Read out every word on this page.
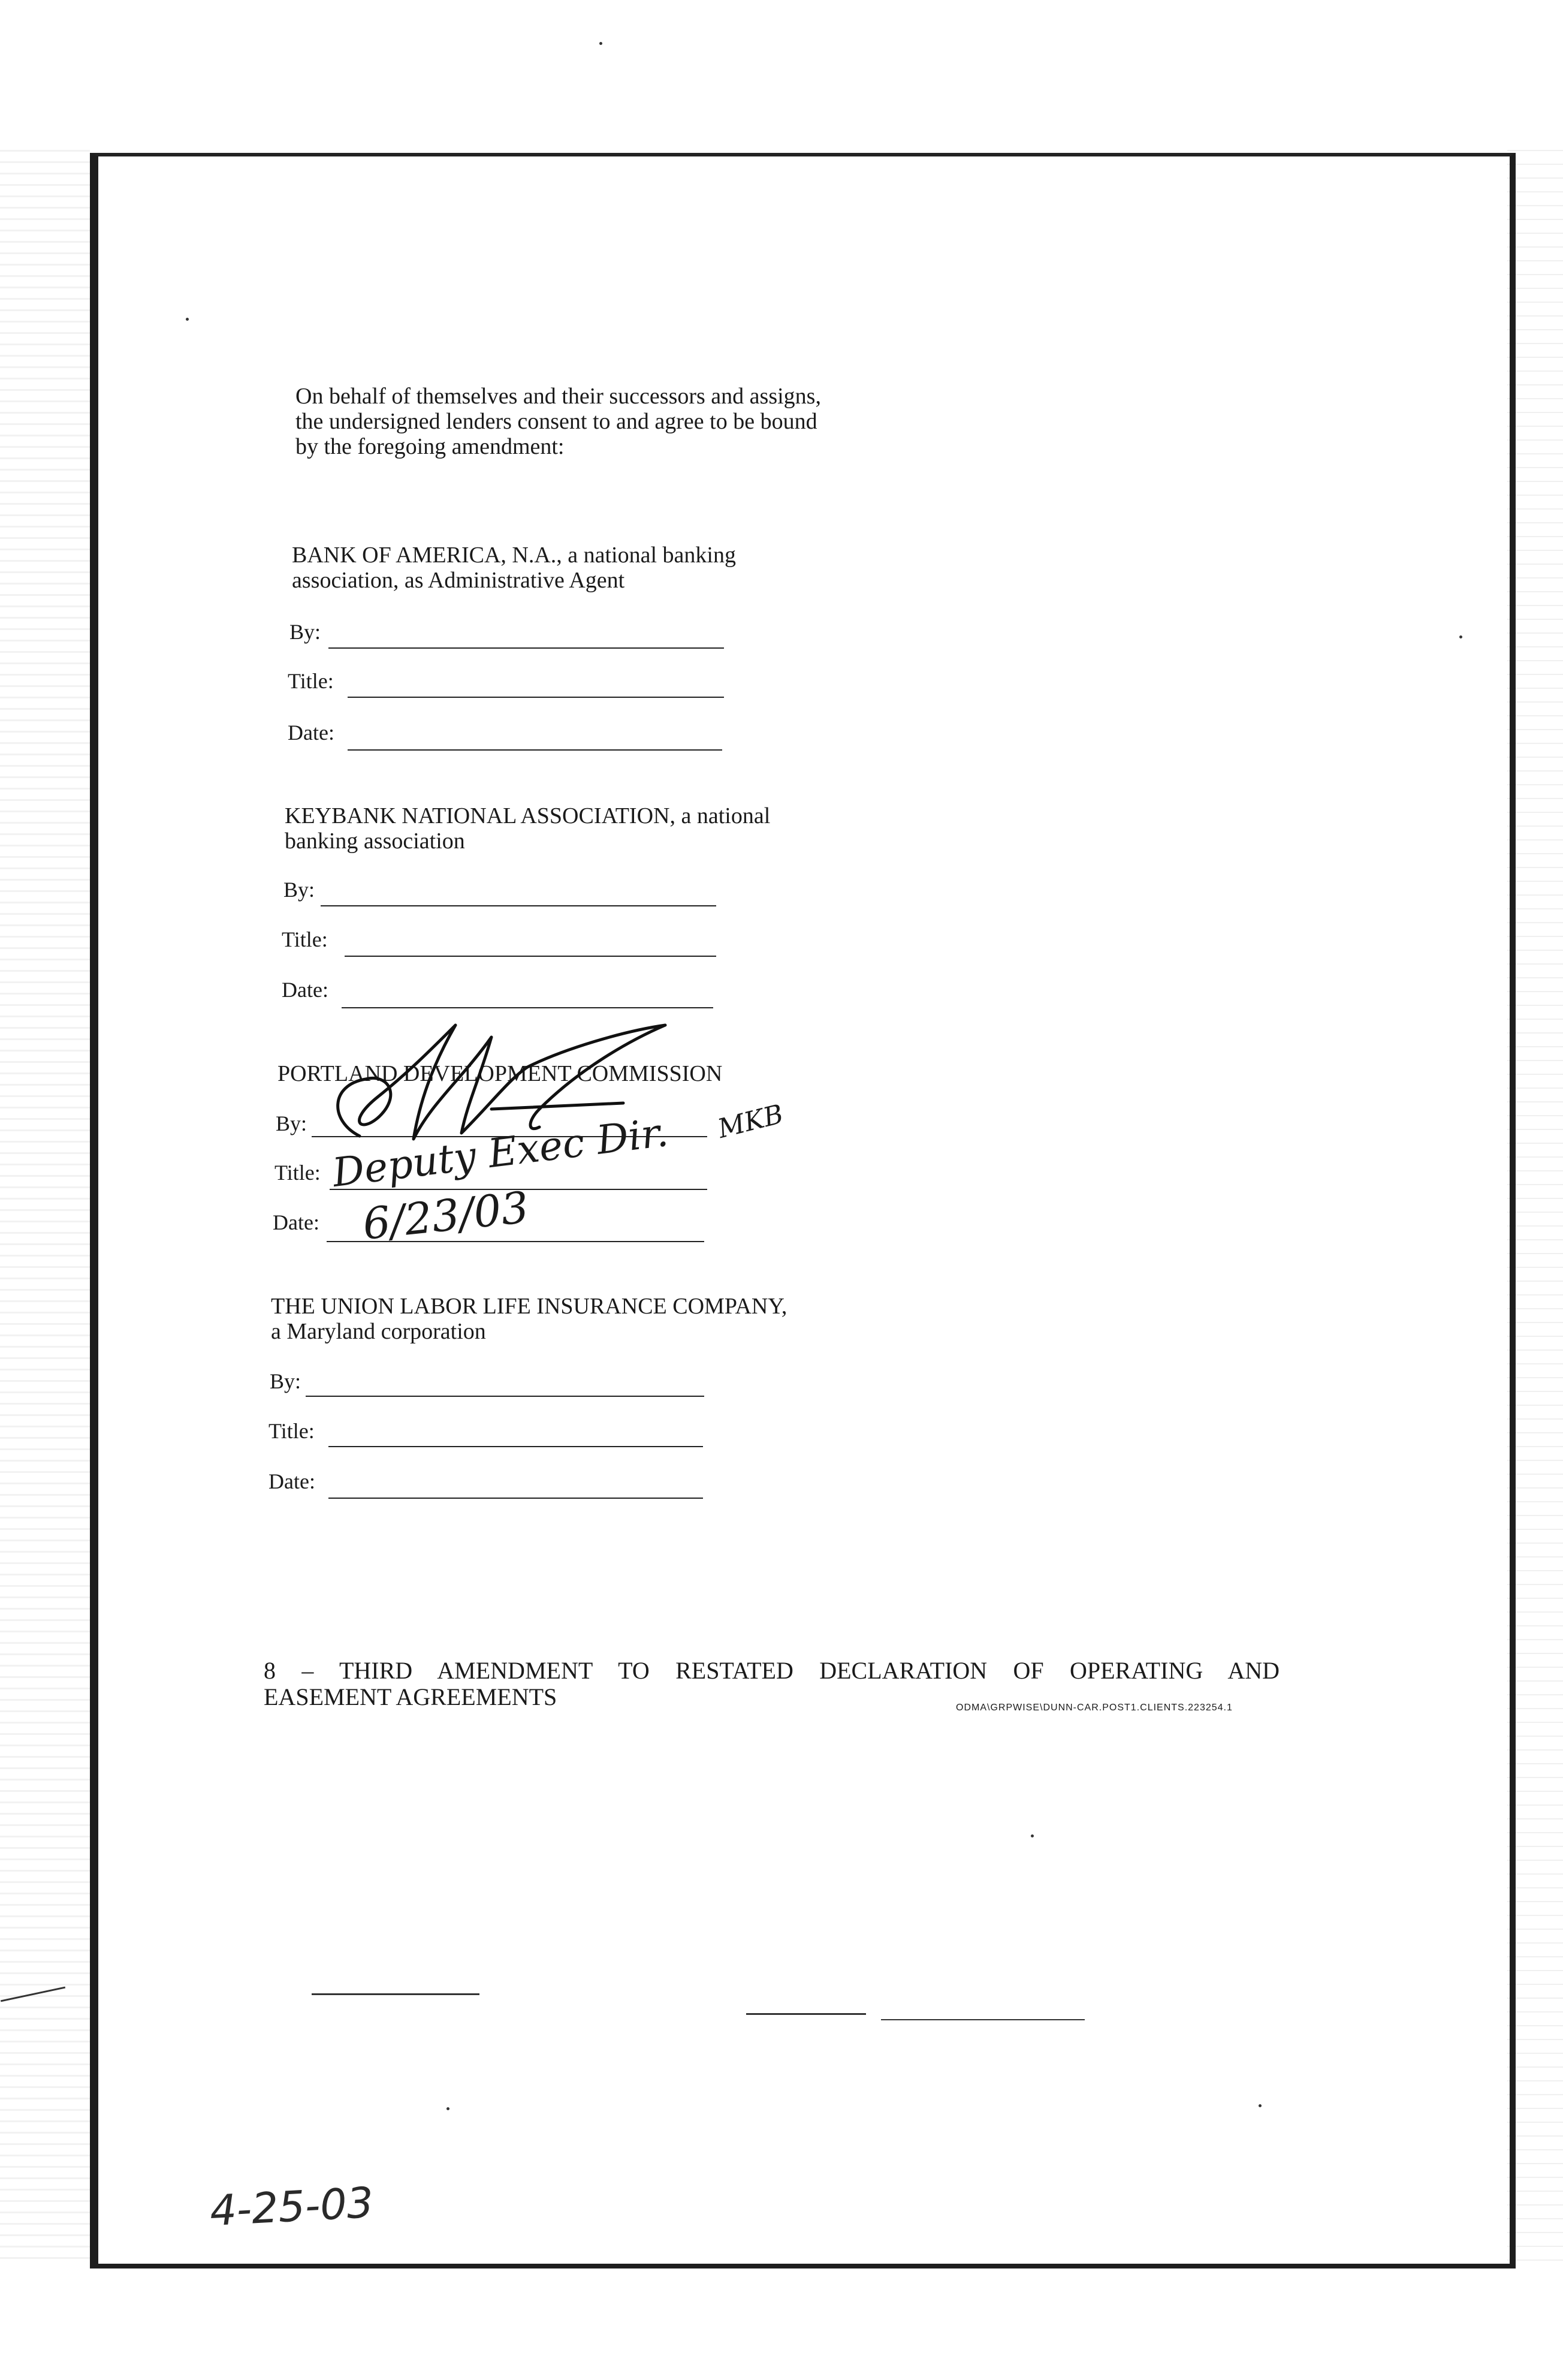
On behalf of themselves and their successors and assigns,
the undersigned lenders consent to and agree to be bound
by the foregoing amendment:
BANK OF AMERICA, N.A., a national banking
association, as Administrative Agent
By:
Title:
Date:
KEYBANK NATIONAL ASSOCIATION, a national
banking association
By:
Title:
Date:
PORTLAND DEVELOPMENT COMMISSION
By:
Title:
Date:
Deputy Exec Dir.
6/23/03
MKB
THE UNION LABOR LIFE INSURANCE COMPANY,
a Maryland corporation
By:
Title:
Date:
8 – THIRD AMENDMENT TO RESTATED DECLARATION OF OPERATING AND
EASEMENT AGREEMENTS	ODMA\GRPWISE\DUNN-CAR.POST1.CLIENTS.223254.1
4-25-03
